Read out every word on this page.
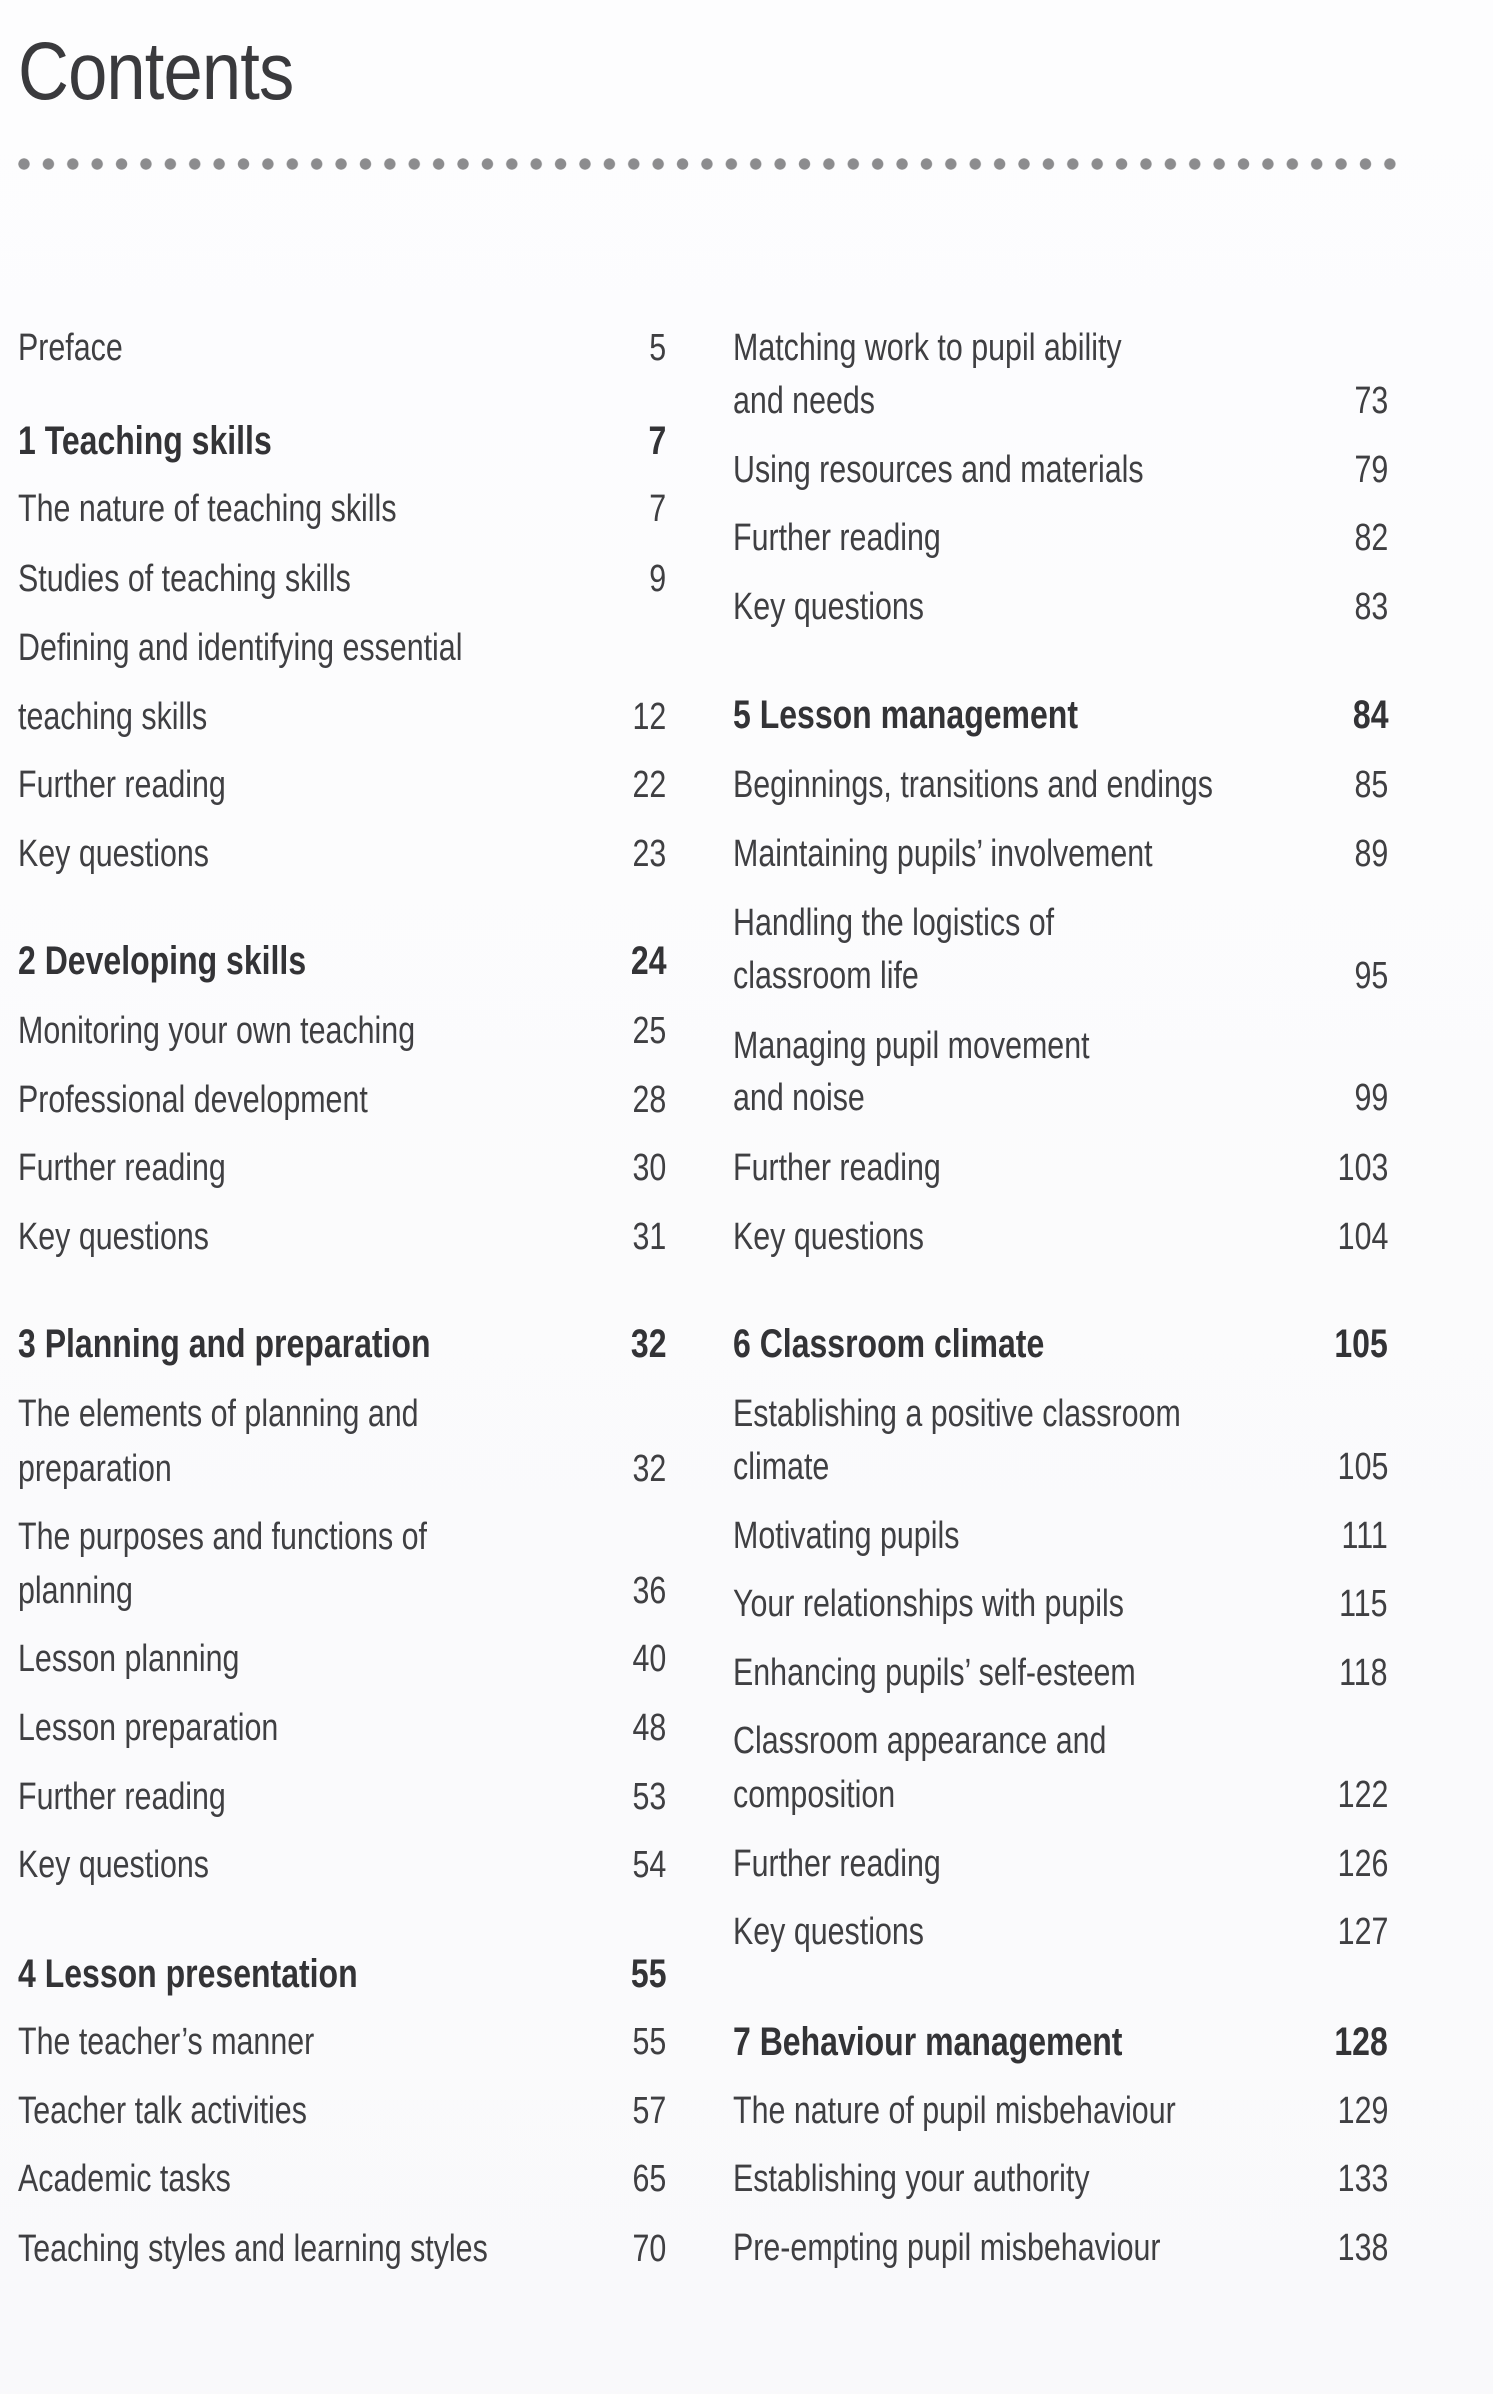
Contents
Preface	5
1 Teaching skills	7
The nature of teaching skills	7
Studies of teaching skills	9
Defining and identifying essential
teaching skills	12
Further reading	22
Key questions	23
2 Developing skills	24
Monitoring your own teaching	25
Professional development	28
Further reading	30
Key questions	31
3 Planning and preparation	32
The elements of planning and
preparation	32
The purposes and functions of
planning	36
Lesson planning	40
Lesson preparation	48
Further reading	53
Key questions	54
4 Lesson presentation	55
The teacher’s manner	55
Teacher talk activities	57
Academic tasks	65
Teaching styles and learning styles	70
Matching work to pupil ability
and needs	73
Using resources and materials	79
Further reading	82
Key questions	83
5 Lesson management	84
Beginnings, transitions and endings	85
Maintaining pupils’ involvement	89
Handling the logistics of
classroom life	95
Managing pupil movement
and noise	99
Further reading	103
Key questions	104
6 Classroom climate	105
Establishing a positive classroom
climate	105
Motivating pupils	111
Your relationships with pupils	115
Enhancing pupils’ self-esteem	118
Classroom appearance and
composition	122
Further reading	126
Key questions	127
7 Behaviour management	128
The nature of pupil misbehaviour	129
Establishing your authority	133
Pre-empting pupil misbehaviour	138
